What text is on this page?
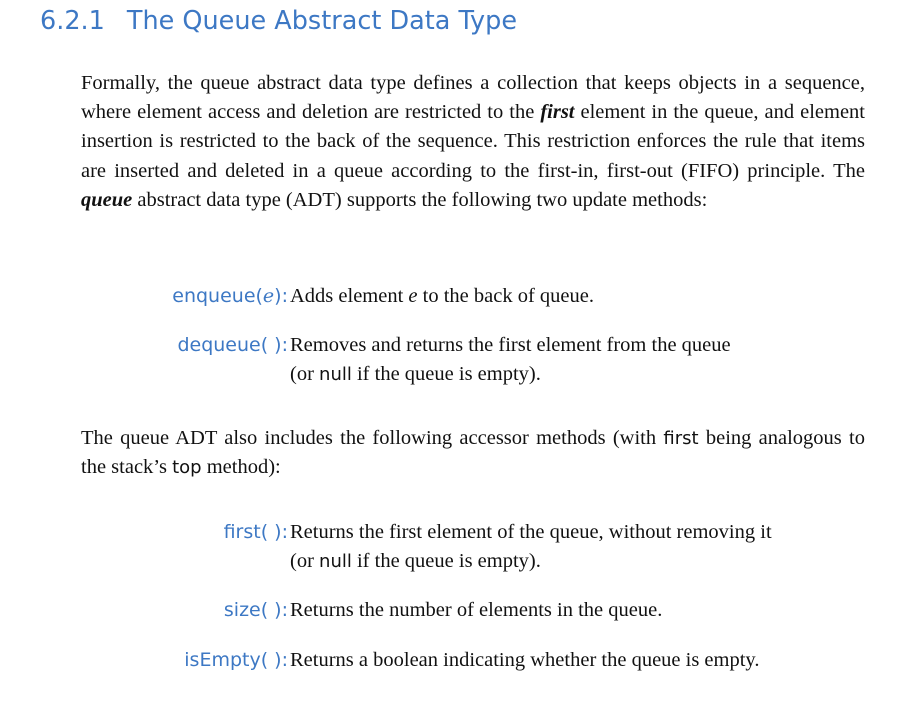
6.2.1 The Queue Abstract Data Type

Formally, the queue abstract data type defines a collection that keeps objects in a sequence, where element access and deletion are restricted to the first element in the queue, and element insertion is restricted to the back of the sequence. This restriction enforces the rule that items are inserted and deleted in a queue according to the first-in, first-out (FIFO) principle. The queue abstract data type (ADT) supports the following two update methods:

enqueue(e): Adds element e to the back of queue.
dequeue( ): Removes and returns the first element from the queue
(or null if the queue is empty).

The queue ADT also includes the following accessor methods (with first being analogous to the stack’s top method):

first( ): Returns the first element of the queue, without removing it
(or null if the queue is empty).
size( ): Returns the number of elements in the queue.
isEmpty( ): Returns a boolean indicating whether the queue is empty.
